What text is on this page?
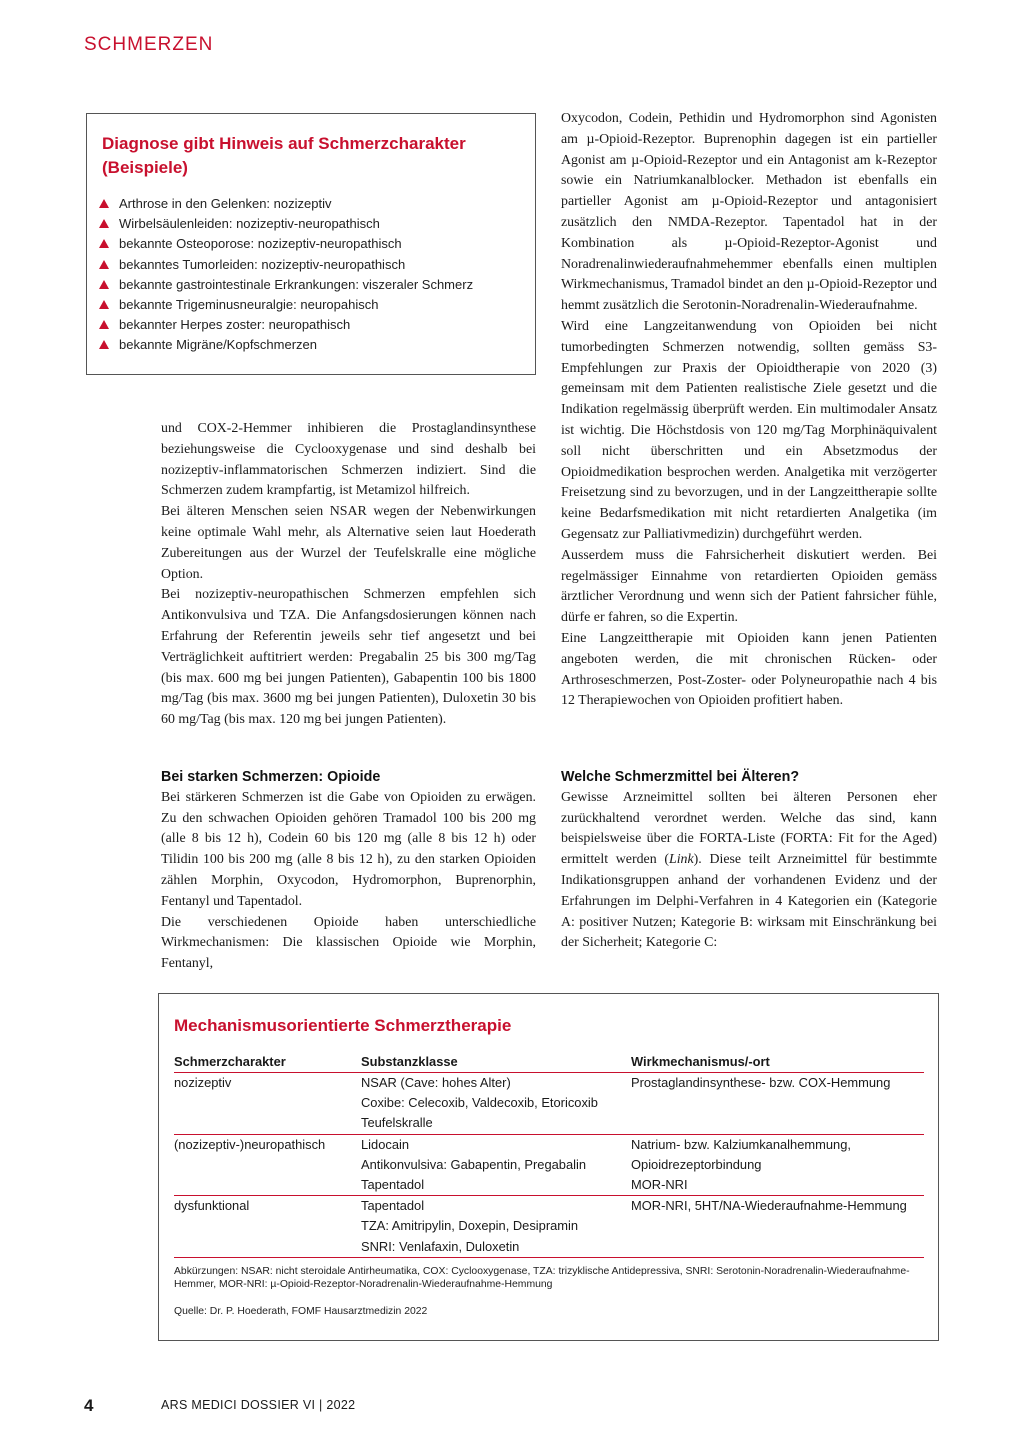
SCHMERZEN
Diagnose gibt Hinweis auf Schmerzcharakter (Beispiele)
Arthrose in den Gelenken: nozizeptiv
Wirbelsäulenleiden: nozizeptiv-neuropathisch
bekannte Osteoporose: nozizeptiv-neuropathisch
bekanntes Tumorleiden: nozizeptiv-neuropathisch
bekannte gastrointestinale Erkrankungen: viszeraler Schmerz
bekannte Trigeminusneuralgie: neuropahisch
bekannter Herpes zoster: neuropathisch
bekannte Migräne/Kopfschmerzen

und COX-2-Hemmer inhibieren die Prostaglandinsynthese beziehungsweise die Cyclooxygenase und sind deshalb bei nozizeptiv-inflammatorischen Schmerzen indiziert. Sind die Schmerzen zudem krampfartig, ist Metamizol hilfreich.

Bei älteren Menschen seien NSAR wegen der Nebenwirkungen keine optimale Wahl mehr, als Alternative seien laut Hoederath Zubereitungen aus der Wurzel der Teufelskralle eine mögliche Option.

Bei nozizeptiv-neuropathischen Schmerzen empfehlen sich Antikonvulsiva und TZA. Die Anfangsdosierungen können nach Erfahrung der Referentin jeweils sehr tief angesetzt und bei Verträglichkeit auftitriert werden: Pregabalin 25 bis 300 mg/Tag (bis max. 600 mg bei jungen Patienten), Gabapentin 100 bis 1800 mg/Tag (bis max. 3600 mg bei jungen Patienten), Duloxetin 30 bis 60 mg/Tag (bis max. 120 mg bei jungen Patienten).

Bei starken Schmerzen: Opioide

Bei stärkeren Schmerzen ist die Gabe von Opioiden zu erwägen. Zu den schwachen Opioiden gehören Tramadol 100 bis 200 mg (alle 8 bis 12 h), Codein 60 bis 120 mg (alle 8 bis 12 h) oder Tilidin 100 bis 200 mg (alle 8 bis 12 h), zu den starken Opioiden zählen Morphin, Oxycodon, Hydromorphon, Buprenorphin, Fentanyl und Tapentadol.

Die verschiedenen Opioide haben unterschiedliche Wirkmechanismen: Die klassischen Opioide wie Morphin, Fentanyl,

Oxycodon, Codein, Pethidin und Hydromorphon sind Agonisten am µ-Opioid-Rezeptor. Buprenophin dagegen ist ein partieller Agonist am µ-Opioid-Rezeptor und ein Antagonist am k-Rezeptor sowie ein Natriumkanalblocker. Methadon ist ebenfalls ein partieller Agonist am µ-Opioid-Rezeptor und antagonisiert zusätzlich den NMDA-Rezeptor. Tapentadol hat in der Kombination als µ-Opioid-Rezeptor-Agonist und Noradrenalinwiederaufnahmehemmer ebenfalls einen multiplen Wirkmechanismus, Tramadol bindet an den µ-Opioid-Rezeptor und hemmt zusätzlich die Serotonin-Noradrenalin-Wiederaufnahme.

Wird eine Langzeitanwendung von Opioiden bei nicht tumorbedingten Schmerzen notwendig, sollten gemäss S3-Empfehlungen zur Praxis der Opioidtherapie von 2020 (3) gemeinsam mit dem Patienten realistische Ziele gesetzt und die Indikation regelmässig überprüft werden. Ein multimodaler Ansatz ist wichtig. Die Höchstdosis von 120 mg/Tag Morphinäquivalent soll nicht überschritten und ein Absetzmodus der Opioidmedikation besprochen werden. Analgetika mit verzögerter Freisetzung sind zu bevorzugen, und in der Langzeittherapie sollte keine Bedarfsmedikation mit nicht retardierten Analgetika (im Gegensatz zur Palliativmedizin) durchgeführt werden.

Ausserdem muss die Fahrsicherheit diskutiert werden. Bei regelmässiger Einnahme von retardierten Opioiden gemäss ärztlicher Verordnung und wenn sich der Patient fahrsicher fühle, dürfe er fahren, so die Expertin.

Eine Langzeittherapie mit Opioiden kann jenen Patienten angeboten werden, die mit chronischen Rücken- oder Arthroseschmerzen, Post-Zoster- oder Polyneuropathie nach 4 bis 12 Therapiewochen von Opioiden profitiert haben.

Welche Schmerzmittel bei Älteren?

Gewisse Arzneimittel sollten bei älteren Personen eher zurückhaltend verordnet werden. Welche das sind, kann beispielsweise über die FORTA-Liste (FORTA: Fit for the Aged) ermittelt werden (Link). Diese teilt Arzneimittel für bestimmte Indikationsgruppen anhand der vorhandenen Evidenz und der Erfahrungen im Delphi-Verfahren in 4 Kategorien ein (Kategorie A: positiver Nutzen; Kategorie B: wirksam mit Einschränkung bei der Sicherheit; Kategorie C:

Mechanismusorientierte Schmerztherapie
Schmerzcharakter	Substanzklasse	Wirkmechanismus/-ort
nozizeptiv	NSAR (Cave: hohes Alter)	Prostaglandinsynthese- bzw. COX-Hemmung
	Coxibe: Celecoxib, Valdecoxib, Etoricoxib	
	Teufelskralle	
(nozizeptiv-)neuropathisch	Lidocain	Natrium- bzw. Kalziumkanalhemmung,
	Antikonvulsiva: Gabapentin, Pregabalin	Opioidrezeptorbindung
	Tapentadol	MOR-NRI
dysfunktional	Tapentadol	MOR-NRI, 5HT/NA-Wiederaufnahme-Hemmung
	TZA: Amitripylin, Doxepin, Desipramin	
	SNRI: Venlafaxin, Duloxetin	
Abkürzungen: NSAR: nicht steroidale Antirheumatika, COX: Cyclooxygenase, TZA: trizyklische Antidepressiva, SNRI: Serotonin-Noradrenalin-Wiederaufnahme-Hemmer, MOR-NRI: µ-Opioid-Rezeptor-Noradrenalin-Wiederaufnahme-Hemmung
Quelle: Dr. P. Hoederath, FOMF Hausarztmedizin 2022
4	ARS MEDICI DOSSIER VI | 2022
